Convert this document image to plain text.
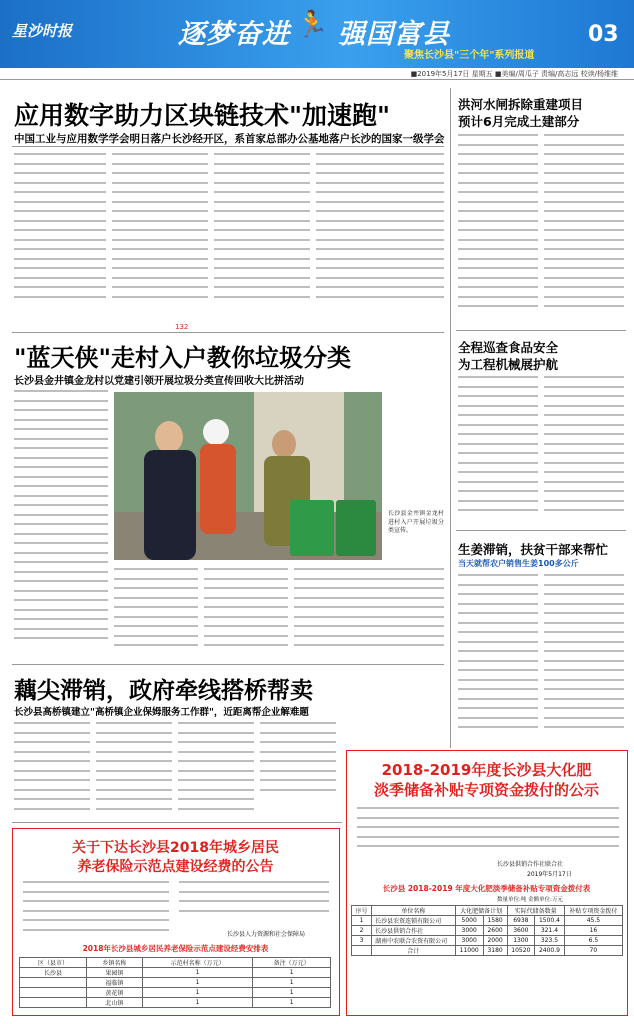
星沙时报	逐梦奋进 🏃 强国富县
聚焦长沙县"三个年"系列报道
03
■2019年5月17日 星期五 ■美编/周瓜子 责编/高志远 校读/杨维维
应用数字助力区块链技术"加速跑"
中国工业与应用数学学会明日落户长沙经开区，系首家总部办公基地落户长沙的国家一级学会
132
洪河水闸拆除重建项目
预计6月完成土建部分
"蓝天侠"走村入户教你垃圾分类
长沙县金井镇金龙村以党建引领开展垃圾分类宣传回收大比拼活动
长沙县金井镇金龙村进村入户开展垃圾分类宣传。
全程巡查食品安全
为工程机械展护航
生姜滞销，扶贫干部来帮忙
当天就帮农户销售生姜100多公斤
藕尖滞销，政府牵线搭桥帮卖
长沙县高桥镇建立"高桥镇企业保姆服务工作群"，近距离帮企业解难题
2018-2019年度长沙县大化肥
淡季储备补贴专项资金拨付的公示
长沙县供销合作社联合社
2019年5月17日
长沙县 2018-2019 年度大化肥淡季储备补贴专项资金拨付表
数量单位:吨 金额单位:万元
序号	单位名称	大化肥储备计划		实际代储备数量		补贴专项资金拨付
1	长沙县农资连锁有限公司	5000	1580	6938	1500.4	45.5
2	长沙县供销合作社	3000	2600	3600	321.4	16
3	湖南中农联合农资有限公司	3000	2000	1300	323.5	6.5
	合计	11000	3180	10520	2400.9	70
关于下达长沙县2018年城乡居民
养老保险示范点建设经费的公告
长沙县人力资源和社会保障局
2018年长沙县城乡居民养老保险示范点建设经费安排表
区（县市）	乡镇名称	示范村名称（万元）	备注（万元）
长沙县	果园镇	1	1
	福临镇	1	1
	黄花镇	1	1
	北山镇	1	1
